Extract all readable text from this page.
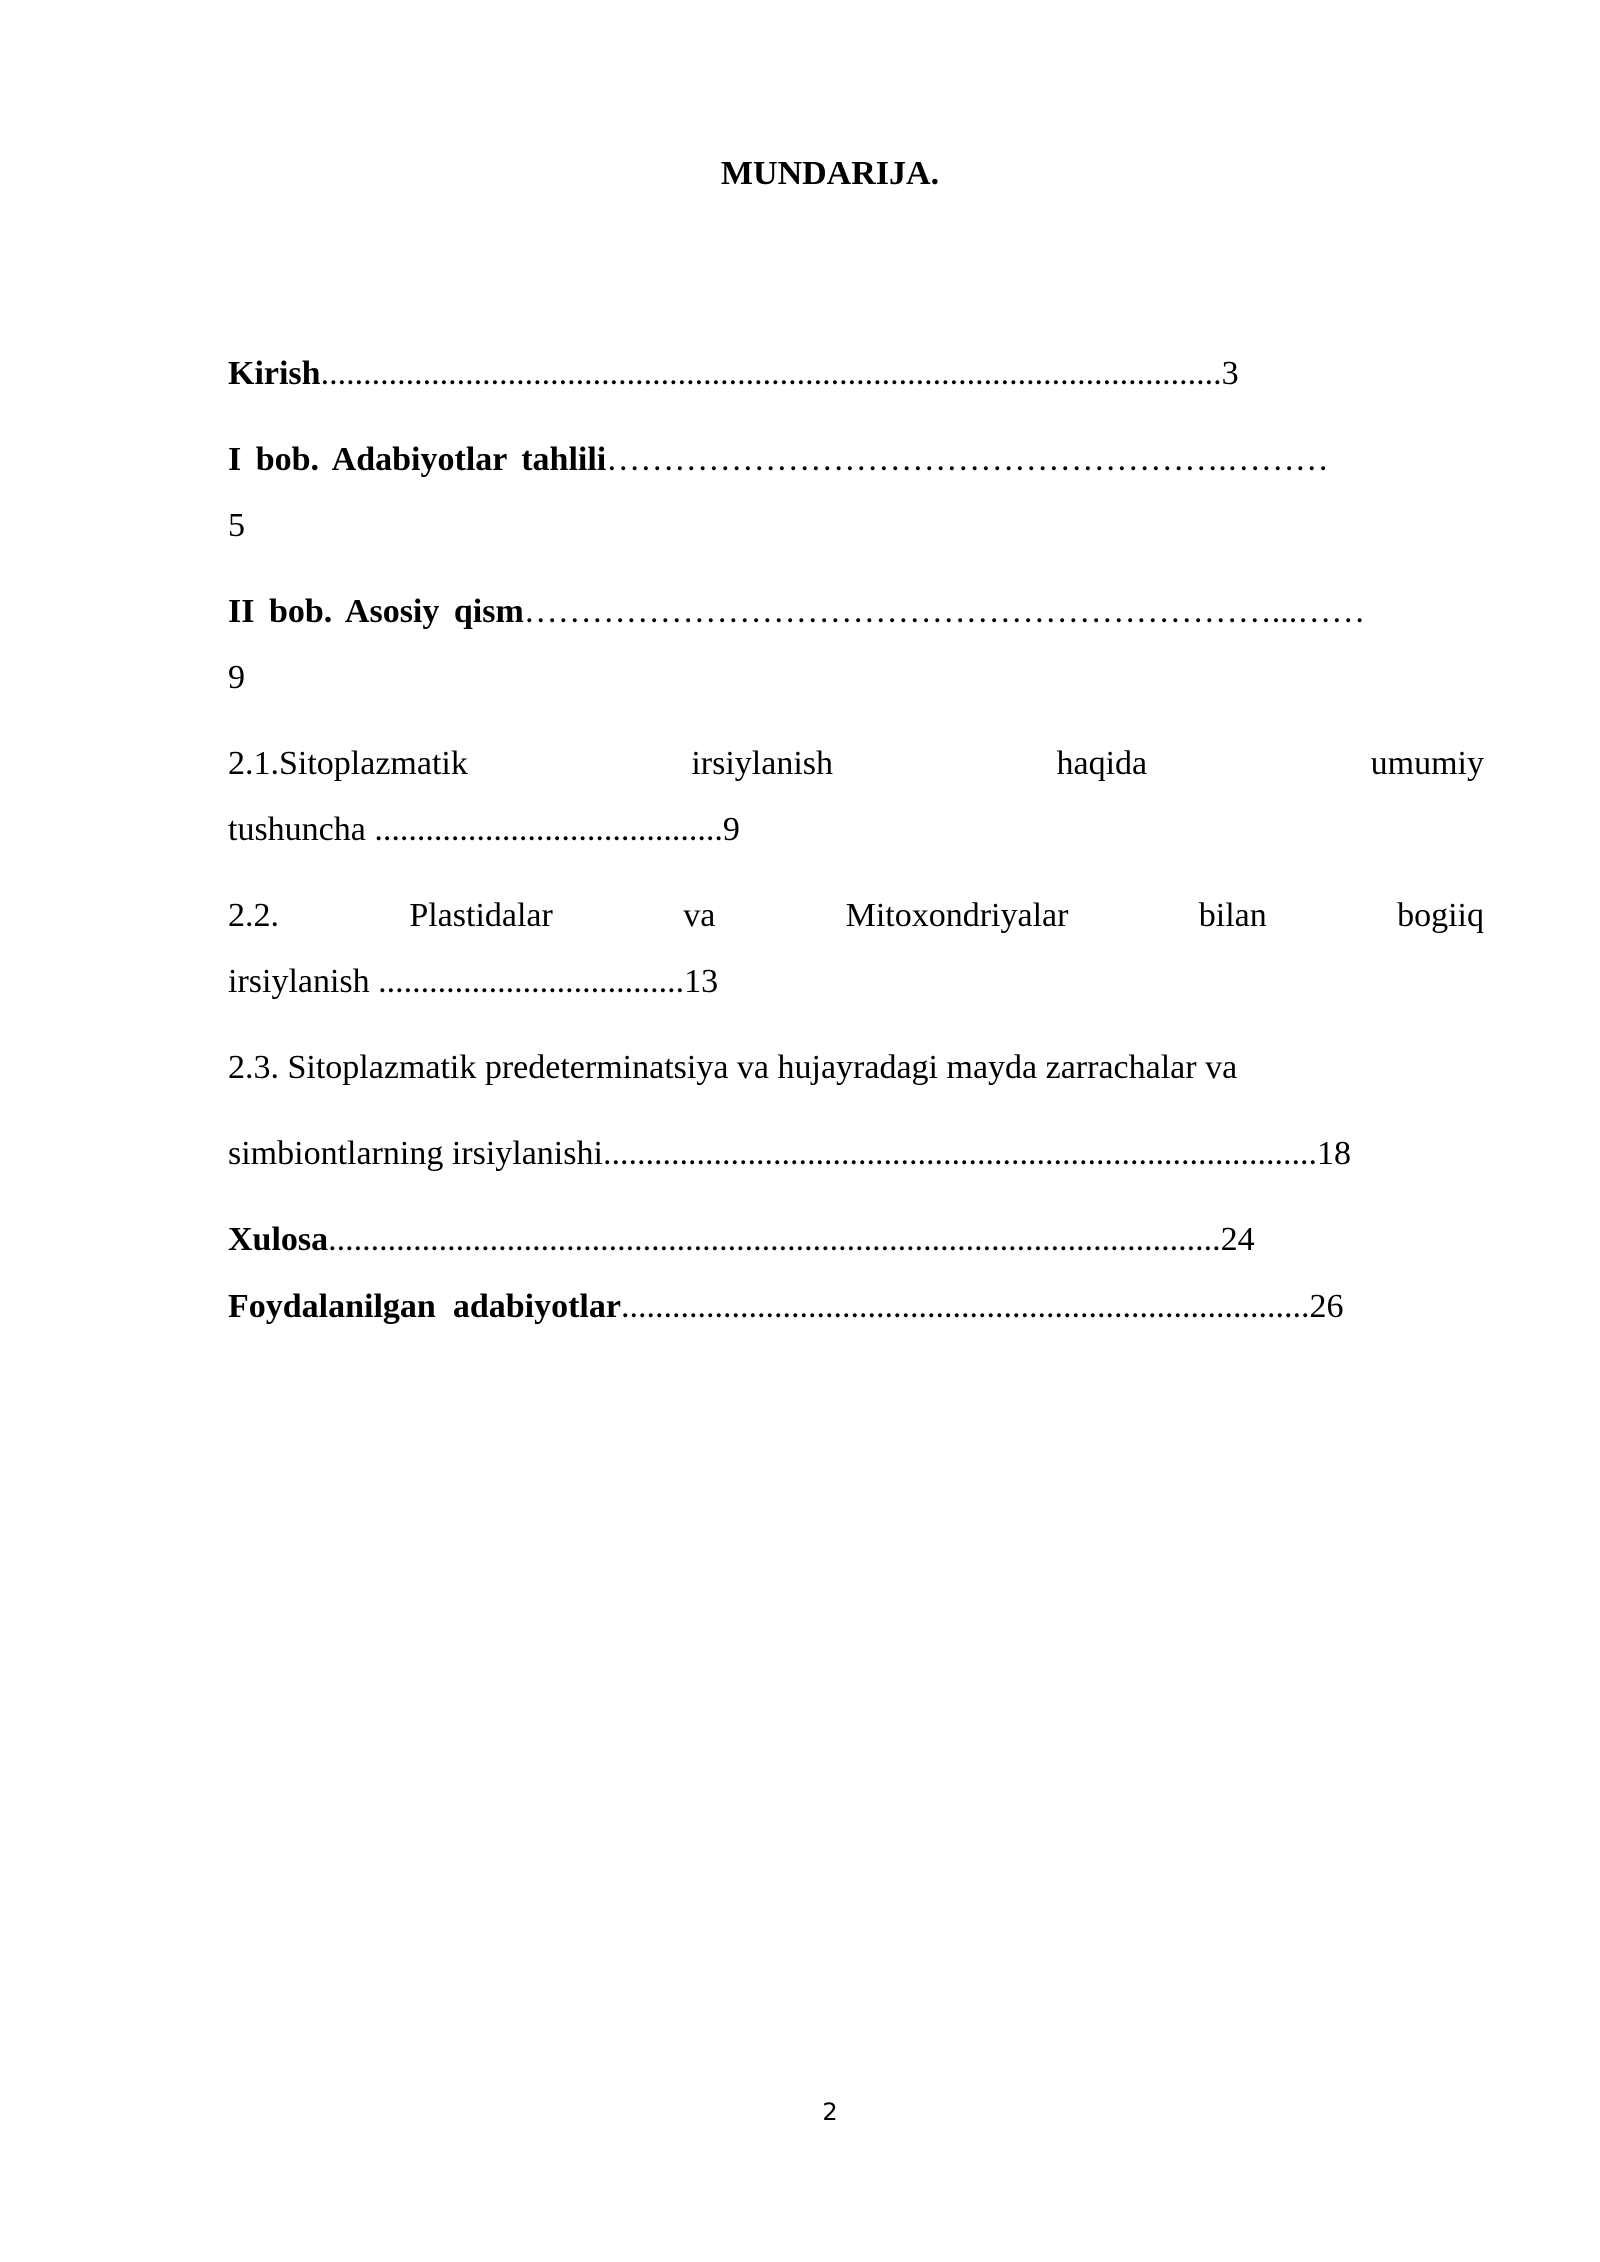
MUNDARIJA.
Kirish..........................................................................................................3
I bob. Adabiyotlar tahlili……………………………………………….………
5
II bob. Asosiy qism…………………………………………………………...……
9
2.1.Sitoplazmatik	irsiylanish	haqida	umumiy
tushuncha .........................................9
2.2.	Plastidalar	va	Mitoxondriyalar	bilan	bogiiq
irsiylanish ....................................13
2.3. Sitoplazmatik predeterminatsiya va hujayradagi mayda zarrachalar va
simbiontlarning irsiylanishi....................................................................................18
Xulosa.........................................................................................................24
Foydalanilgan  adabiyotlar.................................................................................26
2
